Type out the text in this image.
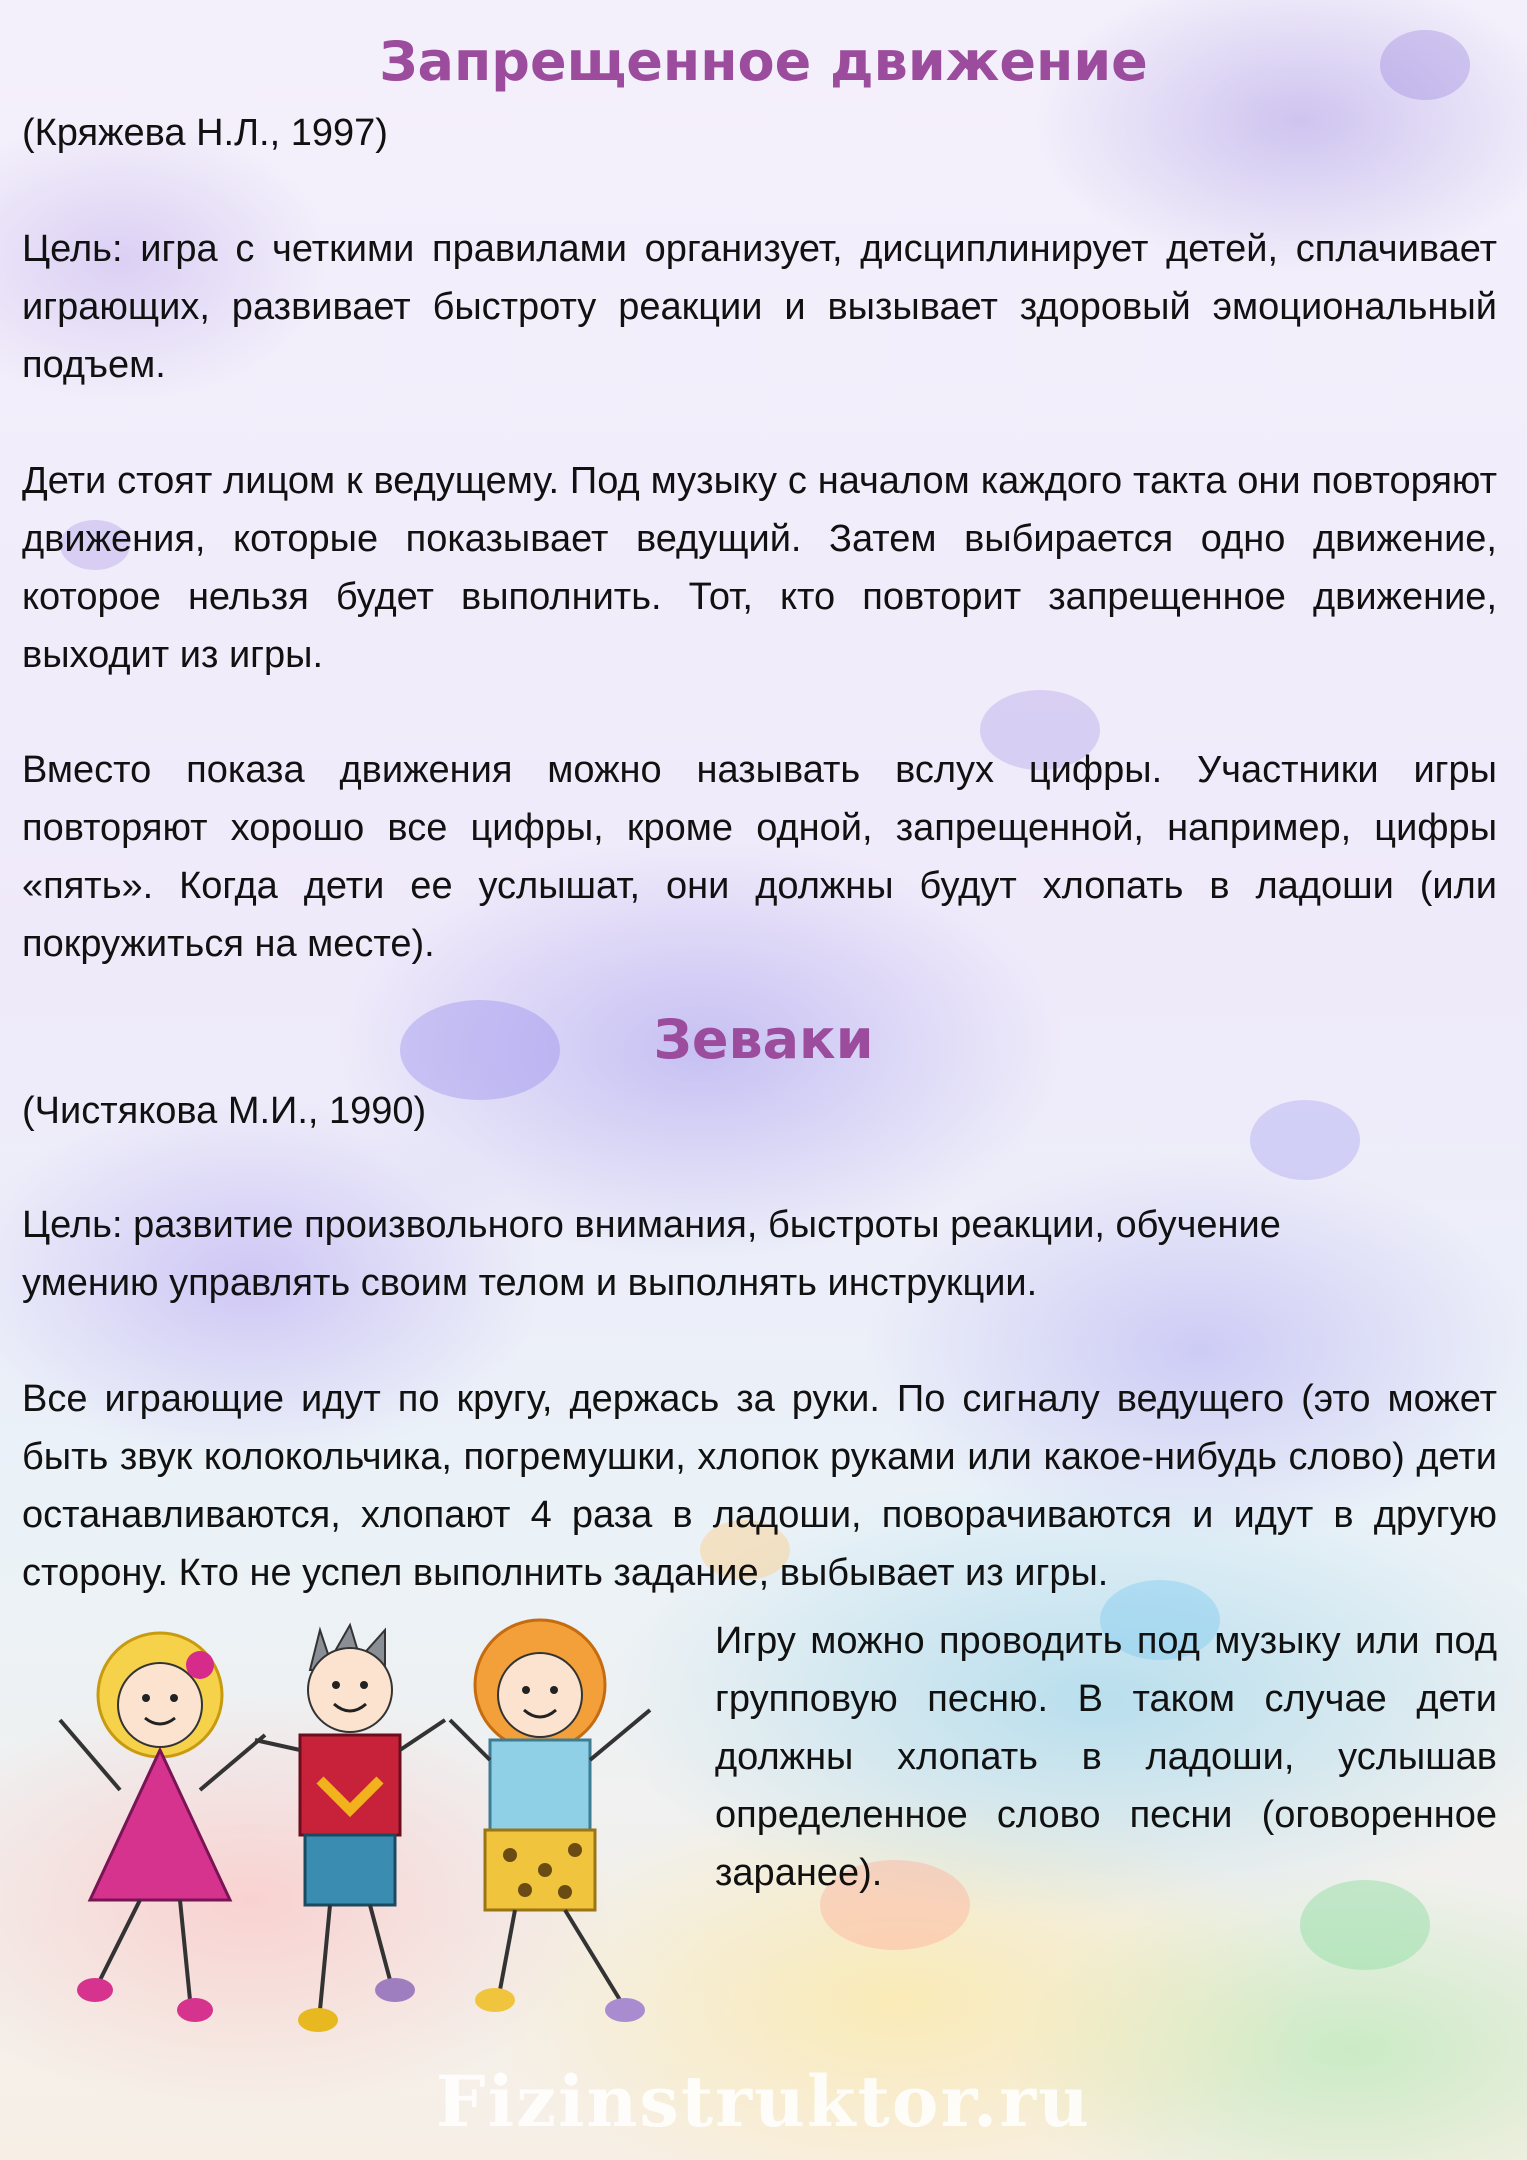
Запрещенное движение

(Кряжева Н.Л., 1997)

Цель: игра с четкими правилами организует, дисциплинирует детей, сплачивает играющих, развивает быстроту реакции и вызывает здоровый эмоциональный подъем.

Дети стоят лицом к ведущему. Под музыку с началом каждого такта они повторяют движения, которые показывает ведущий. Затем выбирается одно движение, которое нельзя будет выполнить. Тот, кто повторит запрещенное движение, выходит из игры.

Вместо показа движения можно называть вслух цифры. Участники игры повторяют хорошо все цифры, кроме одной, запрещенной, например, цифры «пять». Когда дети ее услышат, они должны будут хлопать в ладоши (или покружиться на месте).

Зеваки

(Чистякова М.И., 1990)

Цель: развитие произвольного внимания, быстроты реакции, обучение умению управлять своим телом и выполнять инструкции.

Все играющие идут по кругу, держась за руки. По сигналу ведущего (это может быть звук колокольчика, погремушки, хлопок руками или какое-нибудь слово) дети останавливаются, хлопают 4 раза в ладоши, поворачиваются и идут в другую сторону. Кто не успел выполнить задание, выбывает из игры.

Игру можно проводить под музыку или под групповую песню. В таком случае дети должны хлопать в ладоши, услышав определенное слово песни (оговоренное заранее).

Fizinstruktor.ru
